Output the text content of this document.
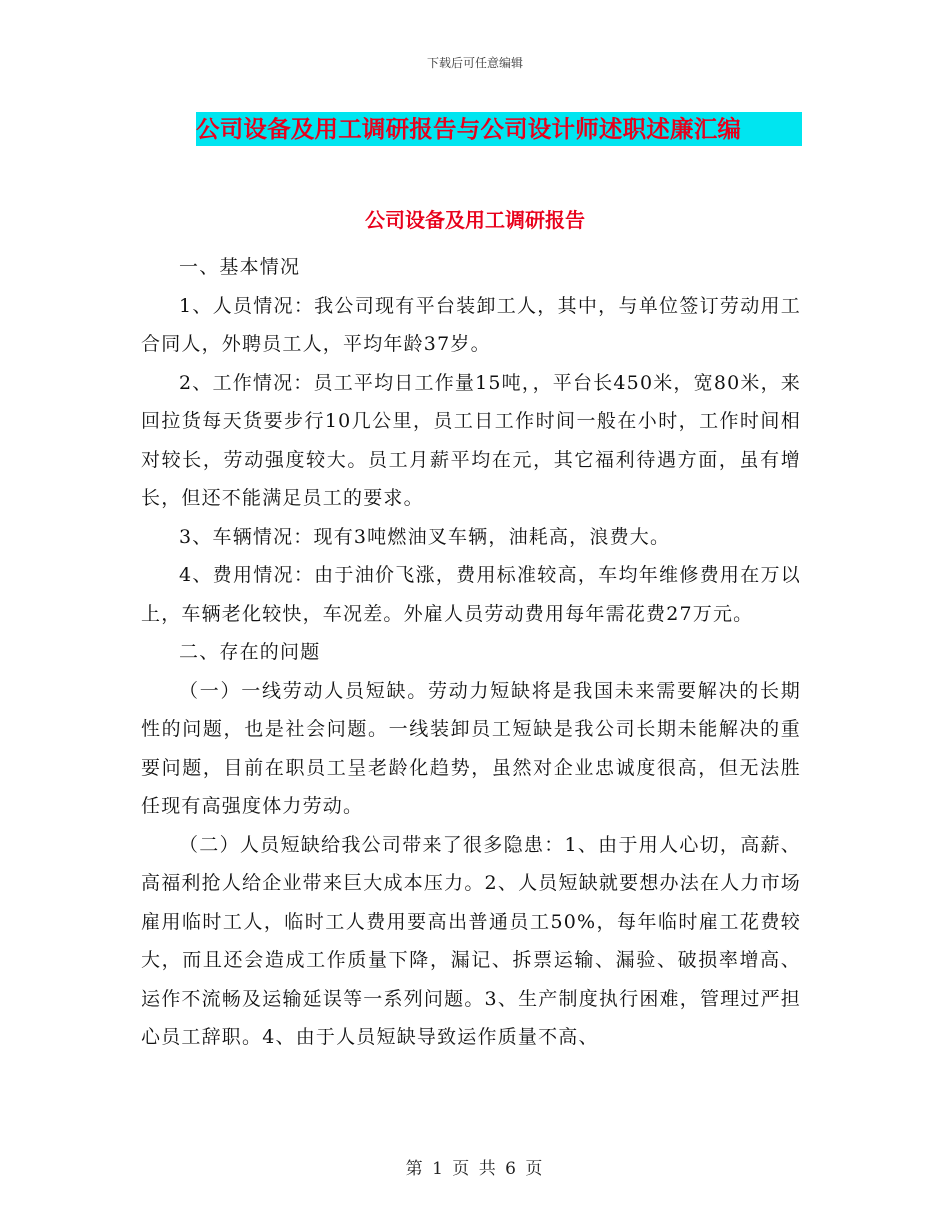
下载后可任意编辑
公司设备及用工调研报告与公司设计师述职述廉汇编
公司设备及用工调研报告

一、基本情况

1、人员情况：我公司现有平台装卸工人，其中，与单位签订劳动用工合同人，外聘员工人，平均年龄37岁。

2、工作情况：员工平均日工作量15吨，，平台长450米，宽80米，来回拉货每天货要步行10几公里，员工日工作时间一般在小时，工作时间相对较长，劳动强度较大。员工月薪平均在元，其它福利待遇方面，虽有增长，但还不能满足员工的要求。

3、车辆情况：现有3吨燃油叉车辆，油耗高，浪费大。

4、费用情况：由于油价飞涨，费用标准较高，车均年维修费用在万以上，车辆老化较快，车况差。外雇人员劳动费用每年需花费27万元。

二、存在的问题

（一）一线劳动人员短缺。劳动力短缺将是我国未来需要解决的长期性的问题，也是社会问题。一线装卸员工短缺是我公司长期未能解决的重要问题，目前在职员工呈老龄化趋势，虽然对企业忠诚度很高，但无法胜任现有高强度体力劳动。

（二）人员短缺给我公司带来了很多隐患：1、由于用人心切，高薪、高福利抢人给企业带来巨大成本压力。2、人员短缺就要想办法在人力市场雇用临时工人，临时工人费用要高出普通员工50%，每年临时雇工花费较大，而且还会造成工作质量下降，漏记、拆票运输、漏验、破损率增高、运作不流畅及运输延误等一系列问题。3、生产制度执行困难，管理过严担心员工辞职。4、由于人员短缺导致运作质量不高、

第 1 页 共 6 页
